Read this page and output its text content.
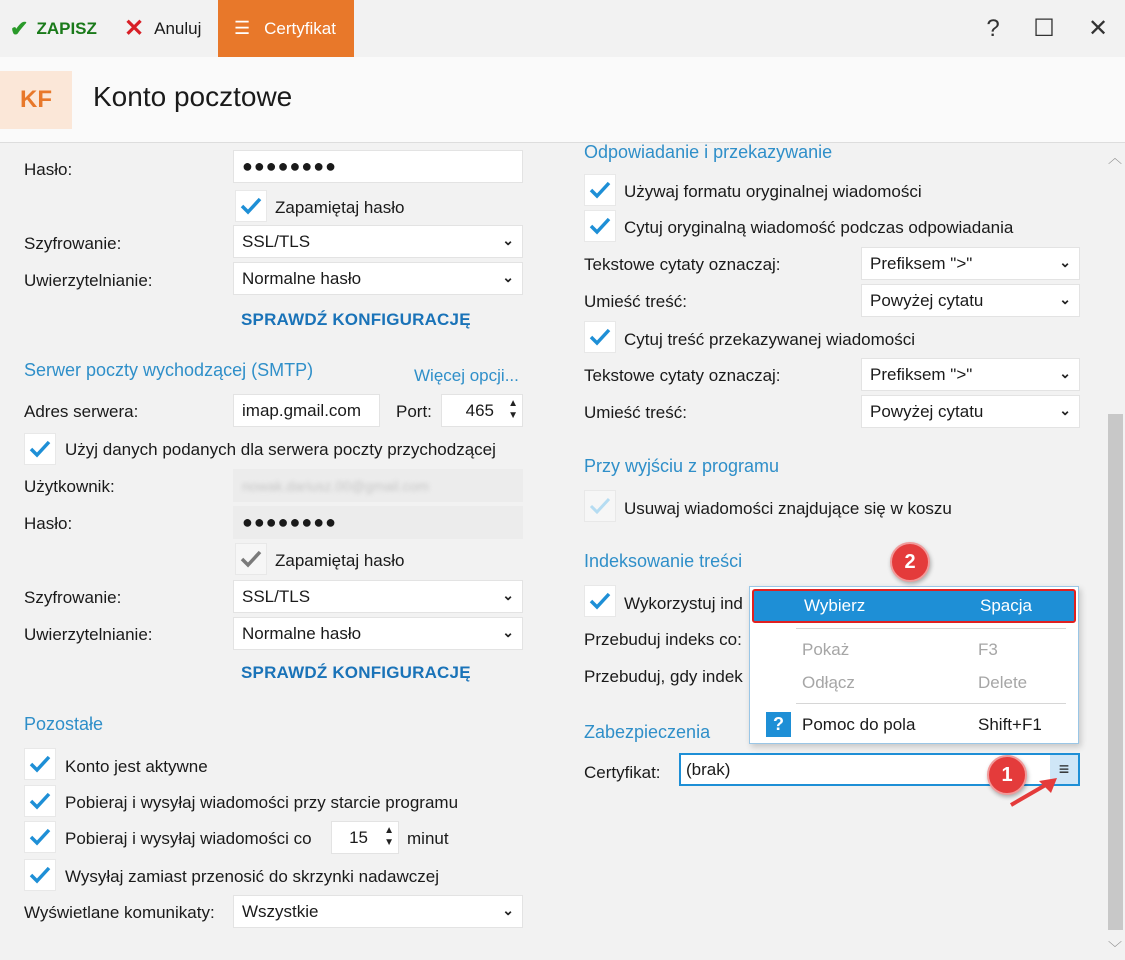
✔ ZAPISZ ✕ Anuluj ☰ Certyfikat	? ☐ ✕
KF	Konto pocztowe
Hasło:	●●●●●●●●
Zapamiętaj hasło
Szyfrowanie:	SSL/TLS	⌄
Uwierzytelnianie:	Normalne hasło	⌄
SPRAWDŹ KONFIGURACJĘ
Serwer poczty wychodzącej (SMTP)	Więcej opcji...
Adres serwera:	imap.gmail.com Port: 465 ▲
▼
Użyj danych podanych dla serwera poczty przychodzącej
Użytkownik:	nowak.dariusz.00@gmail.com
Hasło:	●●●●●●●●
Zapamiętaj hasło
Szyfrowanie:	SSL/TLS	⌄
Uwierzytelnianie:	Normalne hasło	⌄
SPRAWDŹ KONFIGURACJĘ
Pozostałe
Konto jest aktywne
Pobieraj i wysyłaj wiadomości przy starcie programu
Pobieraj i wysyłaj wiadomości co 15 ▲
▼ minut
Wysyłaj zamiast przenosić do skrzynki nadawczej
Wyświetlane komunikaty: Wszystkie	⌄
Odpowiadanie i przekazywanie
Używaj formatu oryginalnej wiadomości
Cytuj oryginalną wiadomość podczas odpowiadania
Tekstowe cytaty oznaczaj:	Prefiksem ">"	⌄
Umieść treść:	Powyżej cytatu	⌄
Cytuj treść przekazywanej wiadomości
Tekstowe cytaty oznaczaj:	Prefiksem ">"	⌄
Umieść treść:	Powyżej cytatu	⌄
Przy wyjściu z programu
Usuwaj wiadomości znajdujące się w koszu
Indeksowanie treści
Wykorzystuj ind
Przebuduj indeks co:
Przebuduj, gdy indek
Zabezpieczenia
Certyfikat: (brak)	≡
︿
﹀
Wybierz	Spacja
Pokaż	F3
Odłącz	Delete
?	Pomoc do pola	Shift+F1
2
1
